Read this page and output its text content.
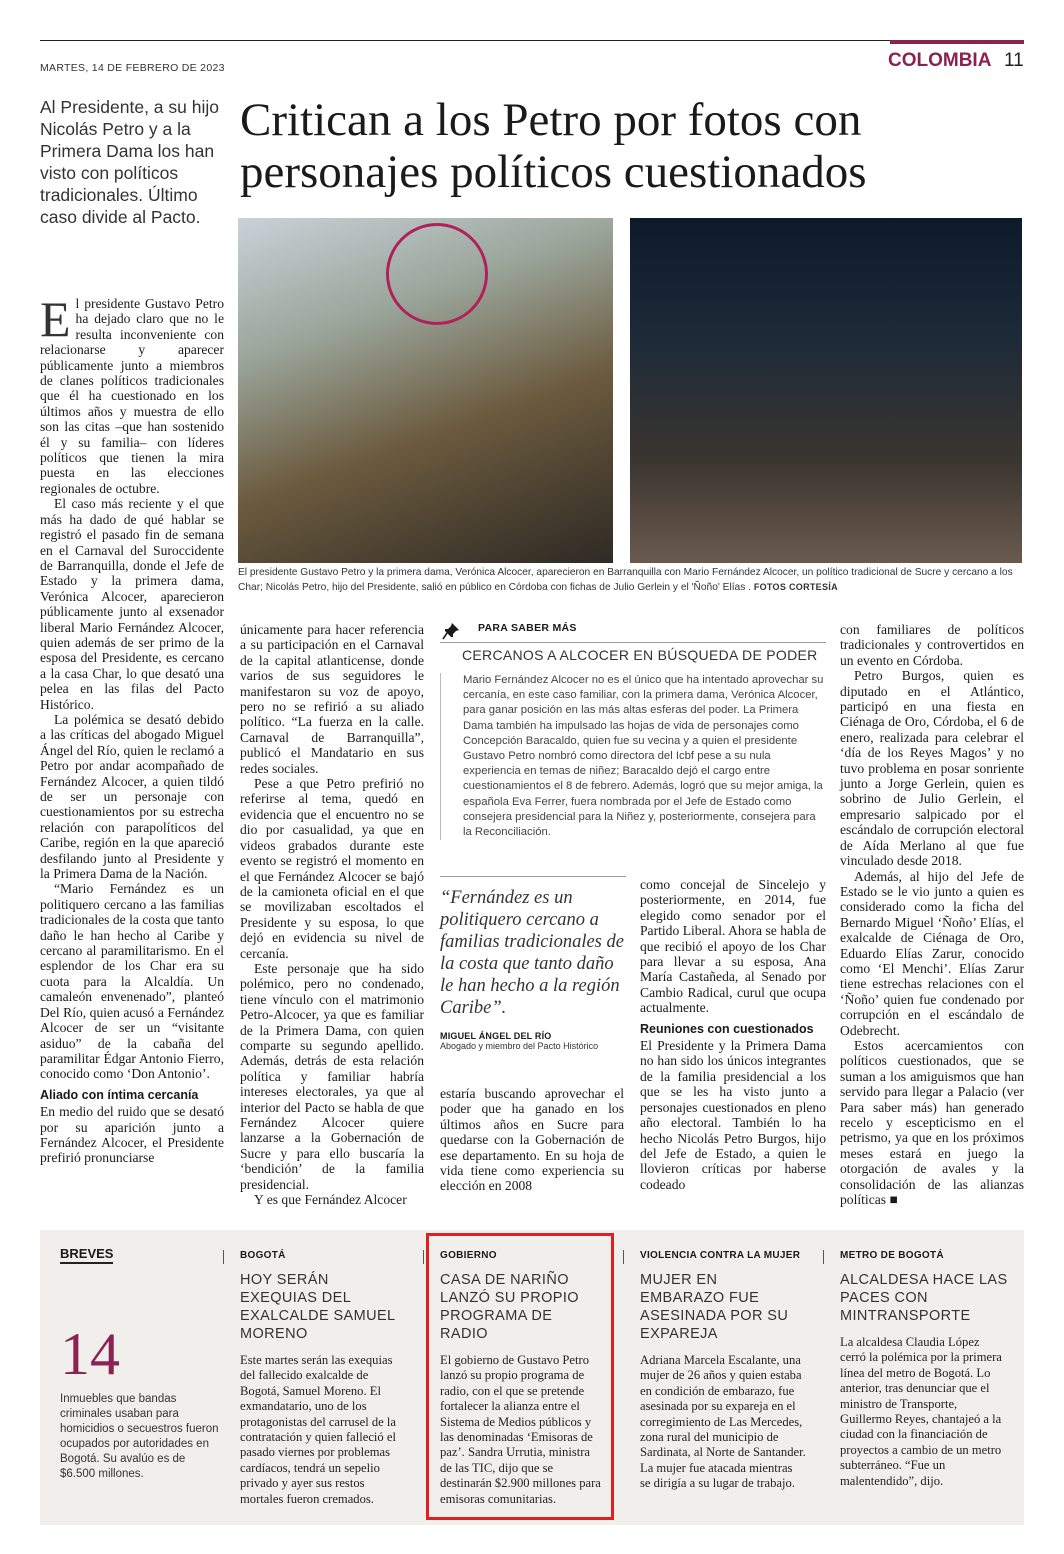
MARTES, 14 DE FEBRERO DE 2023	COLOMBIA 11
Al Presidente, a su hijo Nicolás Petro y a la Primera Dama los han visto con políticos tradicionales. Último caso divide al Pacto.
Critican a los Petro por fotos con personajes políticos cuestionados
El presidente Gustavo Petro y la primera dama, Verónica Alcocer, aparecieron en Barranquilla con Mario Fernández Alcocer, un político tradicional de Sucre y cercano a los Char; Nicolás Petro, hijo del Presidente, salió en público en Córdoba con fichas de Julio Gerlein y el 'Ñoño' Elías . FOTOS CORTESÍA

El presidente Gustavo Petro ha dejado claro que no le resulta inconveniente con relacionarse y aparecer públicamente junto a miembros de clanes políticos tradicionales que él ha cuestionado en los últimos años y muestra de ello son las citas –que han sostenido él y su familia– con líderes políticos que tienen la mira puesta en las elecciones regionales de octubre.

El caso más reciente y el que más ha dado de qué hablar se registró el pasado fin de semana en el Carnaval del Suroccidente de Barranquilla, donde el Jefe de Estado y la primera dama, Verónica Alcocer, aparecieron públicamente junto al exsenador liberal Mario Fernández Alcocer, quien además de ser primo de la esposa del Presidente, es cercano a la casa Char, lo que desató una pelea en las filas del Pacto Histórico.

La polémica se desató debido a las críticas del abogado Miguel Ángel del Río, quien le reclamó a Petro por andar acompañado de Fernández Alcocer, a quien tildó de ser un personaje con cuestionamientos por su estrecha relación con parapolíticos del Caribe, región en la que apareció desfilando junto al Presidente y la Primera Dama de la Nación.

“Mario Fernández es un politiquero cercano a las familias tradicionales de la costa que tanto daño le han hecho al Caribe y cercano al paramilitarismo. En el esplendor de los Char era su cuota para la Alcaldía. Un camaleón envenenado”, planteó Del Río, quien acusó a Fernández Alcocer de ser un “visitante asiduo” de la cabaña del paramilitar Édgar Antonio Fierro, conocido como ‘Don Antonio’.

Aliado con íntima cercanía

En medio del ruido que se desató por su aparición junto a Fernández Alcocer, el Presidente prefirió pronunciarse

únicamente para hacer referencia a su participación en el Carnaval de la capital atlanticense, donde varios de sus seguidores le manifestaron su voz de apoyo, pero no se refirió a su aliado político. “La fuerza en la calle. Carnaval de Barranquilla”, publicó el Mandatario en sus redes sociales.

Pese a que Petro prefirió no referirse al tema, quedó en evidencia que el encuentro no se dio por casualidad, ya que en videos grabados durante este evento se registró el momento en el que Fernández Alcocer se bajó de la camioneta oficial en el que se movilizaban escoltados el Presidente y su esposa, lo que dejó en evidencia su nivel de cercanía.

Este personaje que ha sido polémico, pero no condenado, tiene vínculo con el matrimonio Petro-Alcocer, ya que es familiar de la Primera Dama, con quien comparte su segundo apellido. Además, detrás de esta relación política y familiar habría intereses electorales, ya que al interior del Pacto se habla de que Fernández Alcocer quiere lanzarse a la Gobernación de Sucre y para ello buscaría la ‘bendición’ de la familia presidencial.

Y es que Fernández Alcocer

PARA SABER MÁS
CERCANOS A ALCOCER EN BÚSQUEDA DE PODER
Mario Fernández Alcocer no es el único que ha intentado aprovechar su cercanía, en este caso familiar, con la primera dama, Verónica Alcocer, para ganar posición en las más altas esferas del poder. La Primera Dama también ha impulsado las hojas de vida de personajes como Concepción Baracaldo, quien fue su vecina y a quien el presidente Gustavo Petro nombró como directora del Icbf pese a su nula experiencia en temas de niñez; Baracaldo dejó el cargo entre cuestionamientos el 8 de febrero. Además, logró que su mejor amiga, la española Eva Ferrer, fuera nombrada por el Jefe de Estado como consejera presidencial para la Niñez y, posteriormente, consejera para la Reconciliación.
“Fernández es un politiquero cercano a familias tradicionales de la costa que tanto daño le han hecho a la región Caribe”.
MIGUEL ÁNGEL DEL RÍO
Abogado y miembro del Pacto Histórico

estaría buscando aprovechar el poder que ha ganado en los últimos años en Sucre para quedarse con la Gobernación de ese departamento. En su hoja de vida tiene como experiencia su elección en 2008

como concejal de Sincelejo y posteriormente, en 2014, fue elegido como senador por el Partido Liberal. Ahora se habla de que recibió el apoyo de los Char para llevar a su esposa, Ana María Castañeda, al Senado por Cambio Radical, curul que ocupa actualmente.

Reuniones con cuestionados

El Presidente y la Primera Dama no han sido los únicos integrantes de la familia presidencial a los que se les ha visto junto a personajes cuestionados en pleno año electoral. También lo ha hecho Nicolás Petro Burgos, hijo del Jefe de Estado, a quien le llovieron críticas por haberse codeado

con familiares de políticos tradicionales y controvertidos en un evento en Córdoba.

Petro Burgos, quien es diputado en el Atlántico, participó en una fiesta en Ciénaga de Oro, Córdoba, el 6 de enero, realizada para celebrar el ‘día de los Reyes Magos’ y no tuvo problema en posar sonriente junto a Jorge Gerlein, quien es sobrino de Julio Gerlein, el empresario salpicado por el escándalo de corrupción electoral de Aída Merlano al que fue vinculado desde 2018.

Además, al hijo del Jefe de Estado se le vio junto a quien es considerado como la ficha del Bernardo Miguel ‘Ñoño’ Elías, el exalcalde de Ciénaga de Oro, Eduardo Elías Zarur, conocido como ‘El Menchi’. Elías Zarur tiene estrechas relaciones con el ‘Ñoño’ quien fue condenado por corrupción en el escándalo de Odebrecht.

Estos acercamientos con políticos cuestionados, que se suman a los amiguismos que han servido para llegar a Palacio (ver Para saber más) han generado recelo y escepticismo en el petrismo, ya que en los próximos meses estará en juego la otorgación de avales y la consolidación de las alianzas políticas ■

BREVES
14
Inmuebles que bandas criminales usaban para homicidios o secuestros fueron ocupados por autoridades en Bogotá. Su avalúo es de $6.500 millones.
BOGOTÁ
HOY SERÁN EXEQUIAS DEL EXALCALDE SAMUEL MORENO
Este martes serán las exequias del fallecido exalcalde de Bogotá, Samuel Moreno. El exmandatario, uno de los protagonistas del carrusel de la contratación y quien falleció el pasado viernes por problemas cardíacos, tendrá un sepelio privado y ayer sus restos mortales fueron cremados.
GOBIERNO
CASA DE NARIÑO LANZÓ SU PROPIO PROGRAMA DE RADIO
El gobierno de Gustavo Petro lanzó su propio programa de radio, con el que se pretende fortalecer la alianza entre el Sistema de Medios públicos y las denominadas ‘Emisoras de paz’. Sandra Urrutia, ministra de las TIC, dijo que se destinarán $2.900 millones para emisoras comunitarias.
VIOLENCIA CONTRA LA MUJER
MUJER EN EMBARAZO FUE ASESINADA POR SU EXPAREJA
Adriana Marcela Escalante, una mujer de 26 años y quien estaba en condición de embarazo, fue asesinada por su expareja en el corregimiento de Las Mercedes, zona rural del municipio de Sardinata, al Norte de Santander. La mujer fue atacada mientras se dirigía a su lugar de trabajo.
METRO DE BOGOTÁ
ALCALDESA HACE LAS PACES CON MINTRANSPORTE
La alcaldesa Claudia López cerró la polémica por la primera línea del metro de Bogotá. Lo anterior, tras denunciar que el ministro de Transporte, Guillermo Reyes, chantajeó a la ciudad con la financiación de proyectos a cambio de un metro subterráneo. “Fue un malentendido”, dijo.
